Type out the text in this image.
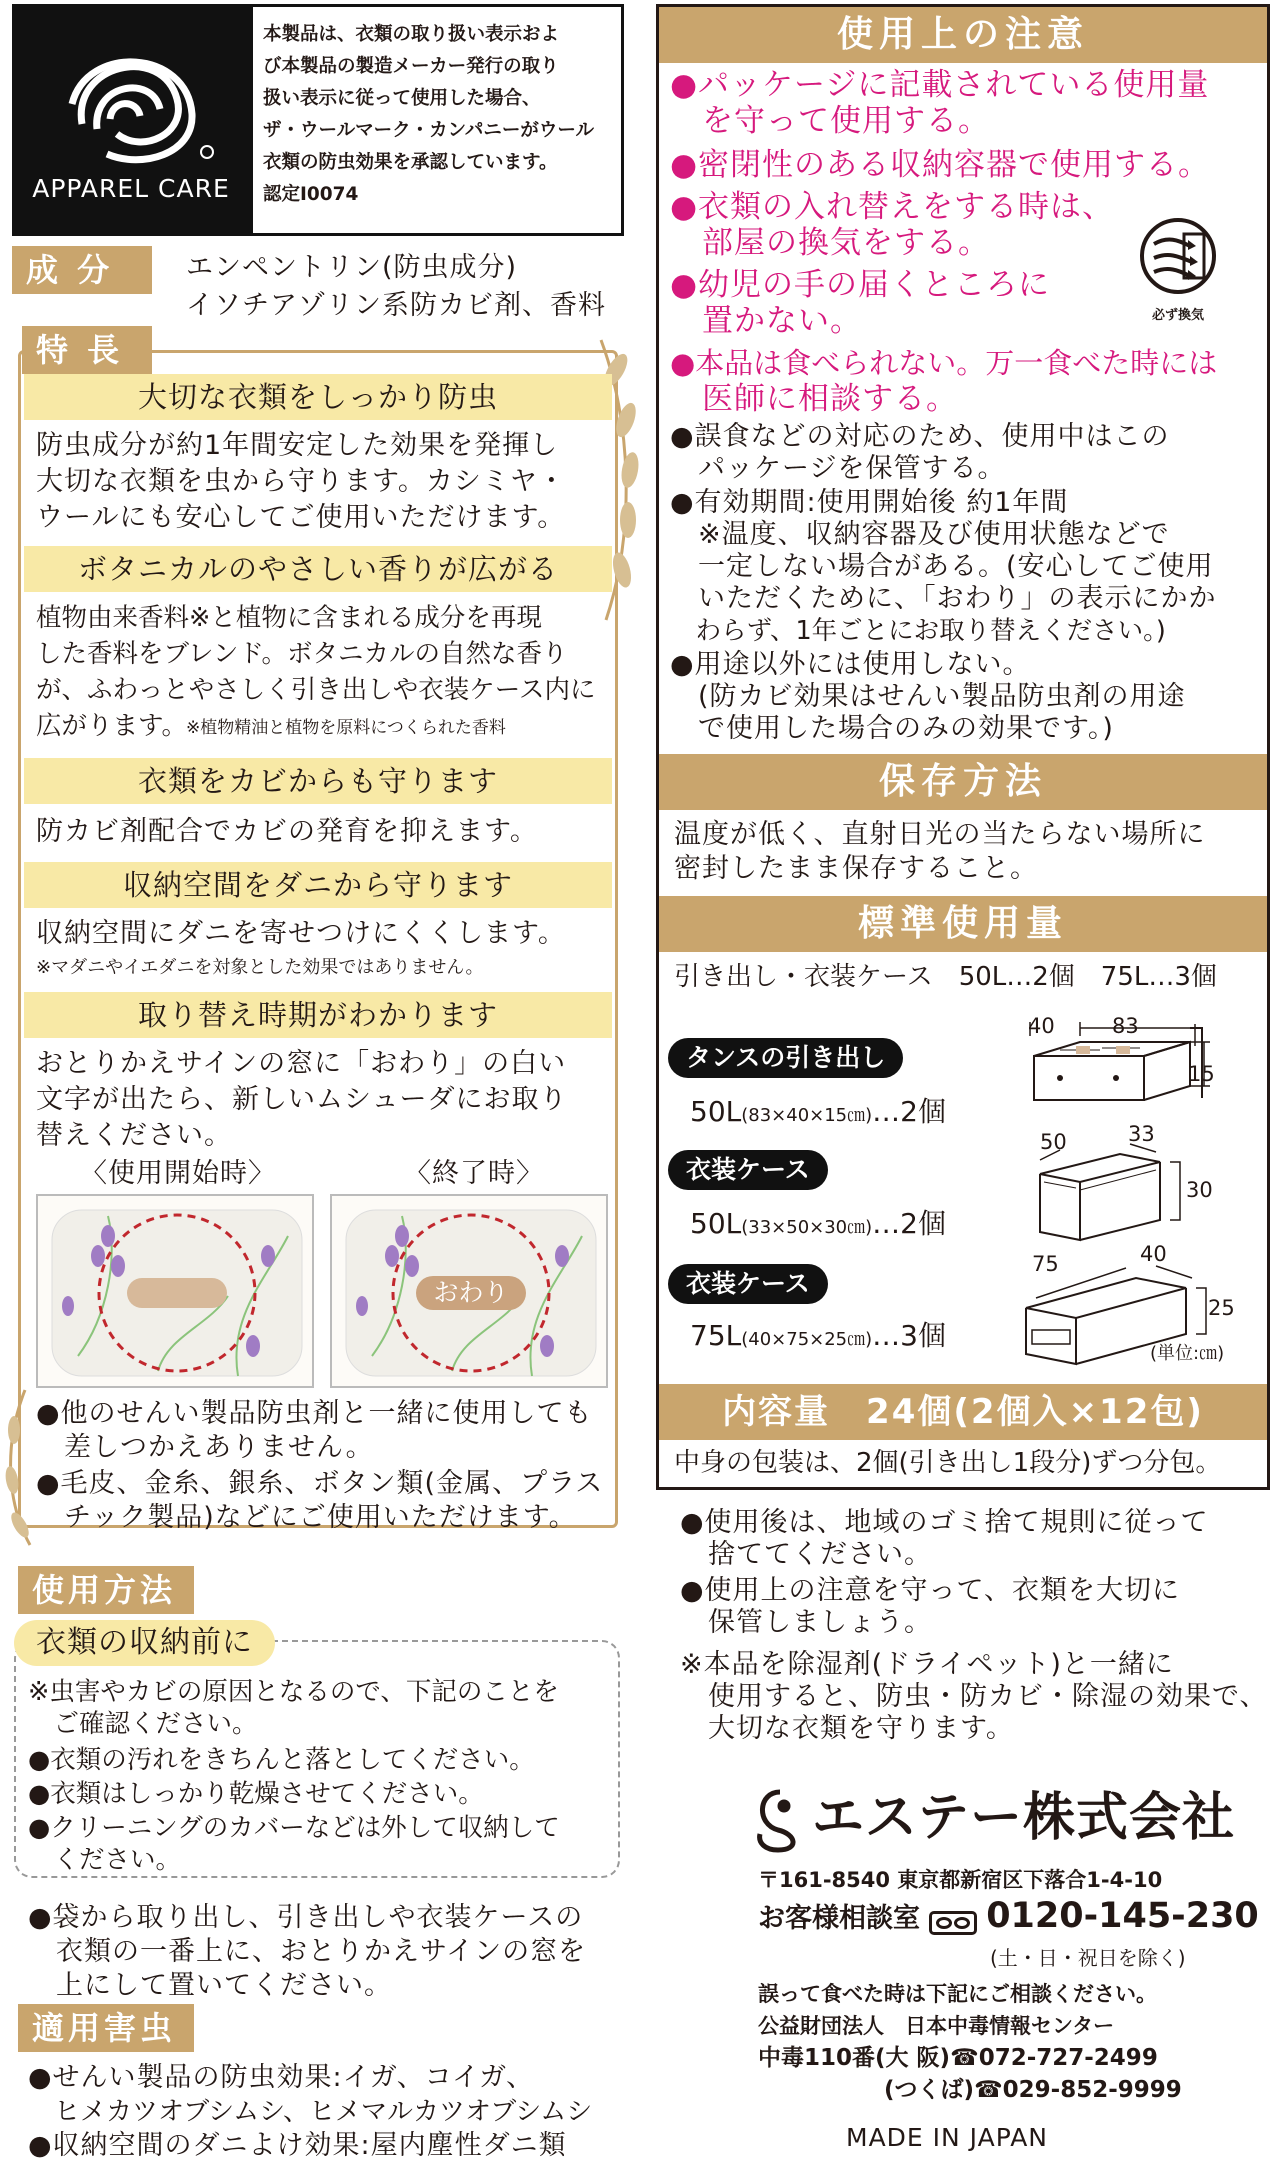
APPAREL CARE
本製品は、衣類の取り扱い表示およ
び本製品の製造メーカー発行の取り
扱い表示に従って使用した場合、
ザ・ウールマーク・カンパニーがウール
衣類の防虫効果を承認しています。
認定Ⅰ0074
成 分	エンペントリン(防虫成分)
イソチアゾリン系防カビ剤、香料
特 長
大切な衣類をしっかり防虫
防虫成分が約1年間安定した効果を発揮し
大切な衣類を虫から守ります。カシミヤ・
ウールにも安心してご使用いただけます。
ボタニカルのやさしい香りが広がる
植物由来香料※と植物に含まれる成分を再現
した香料をブレンド。ボタニカルの自然な香り
が、ふわっとやさしく引き出しや衣装ケース内に
広がります。 ※植物精油と植物を原料につくられた香料
衣類をカビからも守ります
防カビ剤配合でカビの発育を抑えます。
収納空間をダニから守ります
収納空間にダニを寄せつけにくくします。
※マダニやイエダニを対象とした効果ではありません。
取り替え時期がわかります
おとりかえサインの窓に「おわり」の白い
文字が出たら、新しいムシューダにお取り
替えください。
〈使用開始時〉	〈終了時〉
おわり
●他のせんい製品防虫剤と一緒に使用しても
　差しつかえありません。
●毛皮、金糸、銀糸、ボタン類(金属、プラス
　チック製品)などにご使用いただけます。
使用方法
衣類の収納前に
※虫害やカビの原因となるので、下記のことを
　ご確認ください。
●衣類の汚れをきちんと落としてください。
●衣類はしっかり乾燥させてください。
●クリーニングのカバーなどは外して収納して
　ください。
●袋から取り出し、引き出しや衣装ケースの
　衣類の一番上に、おとりかえサインの窓を
　上にして置いてください。
適用害虫
●せんい製品の防虫効果:イガ、コイガ、
　ヒメカツオブシムシ、ヒメマルカツオブシムシ
●収納空間のダニよけ効果:屋内塵性ダニ類
使用上の注意
●パッケージに記載されている使用量
　を守って使用する。
●密閉性のある収納容器で使用する。
●衣類の入れ替えをする時は、
　部屋の換気をする。
●幼児の手の届くところに
　置かない。
●本品は食べられない。万一食べた時には
　医師に相談する。
必ず換気
●誤食などの対応のため、使用中はこの
　パッケージを保管する。
●有効期間:使用開始後 約1年間
　※温度、収納容器及び使用状態などで
　一定しない場合がある。(安心してご使用
　いただくために、「おわり」の表示にかか
　わらず、1年ごとにお取り替えください。)
●用途以外には使用しない。
　(防カビ効果はせんい製品防虫剤の用途
　で使用した場合のみの効果です。)
保存方法
温度が低く、直射日光の当たらない場所に
密封したまま保存すること。
標準使用量
引き出し・衣装ケース　50L…2個　75L…3個
タンスの引き出し
50L(83×40×15㎝)…2個
衣装ケース
50L(33×50×30㎝)…2個
衣装ケース
75L(40×75×25㎝)…3個
40	83
15
50	33
30
75	40
25
(単位:㎝)
内容量　24個(2個入×12包)
中身の包装は、2個(引き出し1段分)ずつ分包。
●使用後は、地域のゴミ捨て規則に従って
　捨ててください。
●使用上の注意を守って、衣類を大切に
　保管しましょう。
※本品を除湿剤(ドライペット)と一緒に
　使用すると、防虫・防カビ・除湿の効果で、
　大切な衣類を守ります。
エステー株式会社
〒161-8540 東京都新宿区下落合1-4-10
お客様相談室 0120-145-230
(土・日・祝日を除く)
誤って食べた時は下記にご相談ください。
公益財団法人　日本中毒情報センター
中毒110番(大 阪)☎072-727-2499
(つくば)☎029-852-9999
MADE IN JAPAN
